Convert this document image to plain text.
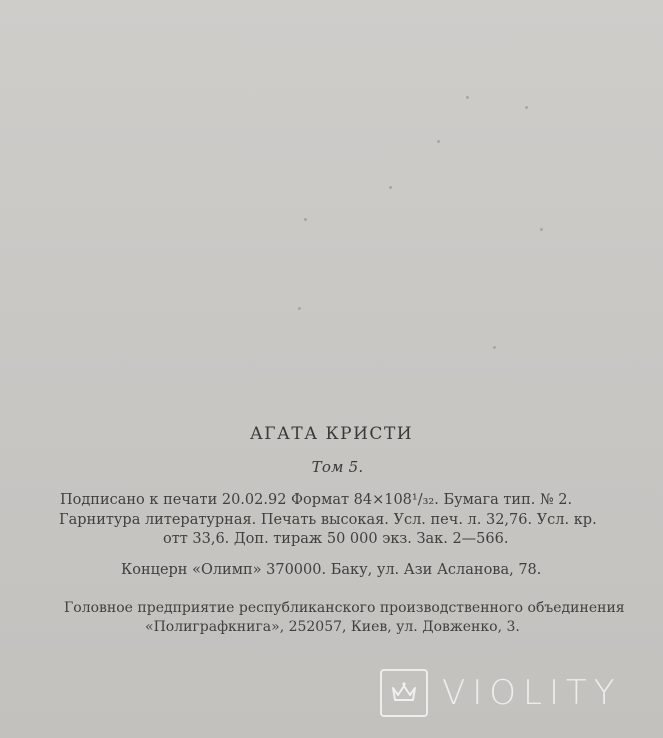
АГАТА КРИСТИ
Том 5.
Подписано к печати 20.02.92 Формат 84×108¹/₃₂. Бумага тип. № 2.
Гарнитура литературная. Печать высокая. Усл. печ. л. 32,76. Усл. кр.
отт 33,6. Доп. тираж 50 000 экз. Зак. 2—566.
Концерн «Олимп» 370000. Баку, ул. Ази Асланова, 78.
Головное предприятие республиканского производственного объединения
«Полиграфкнига», 252057, Киев, ул. Довженко, 3.
VIOLITY
